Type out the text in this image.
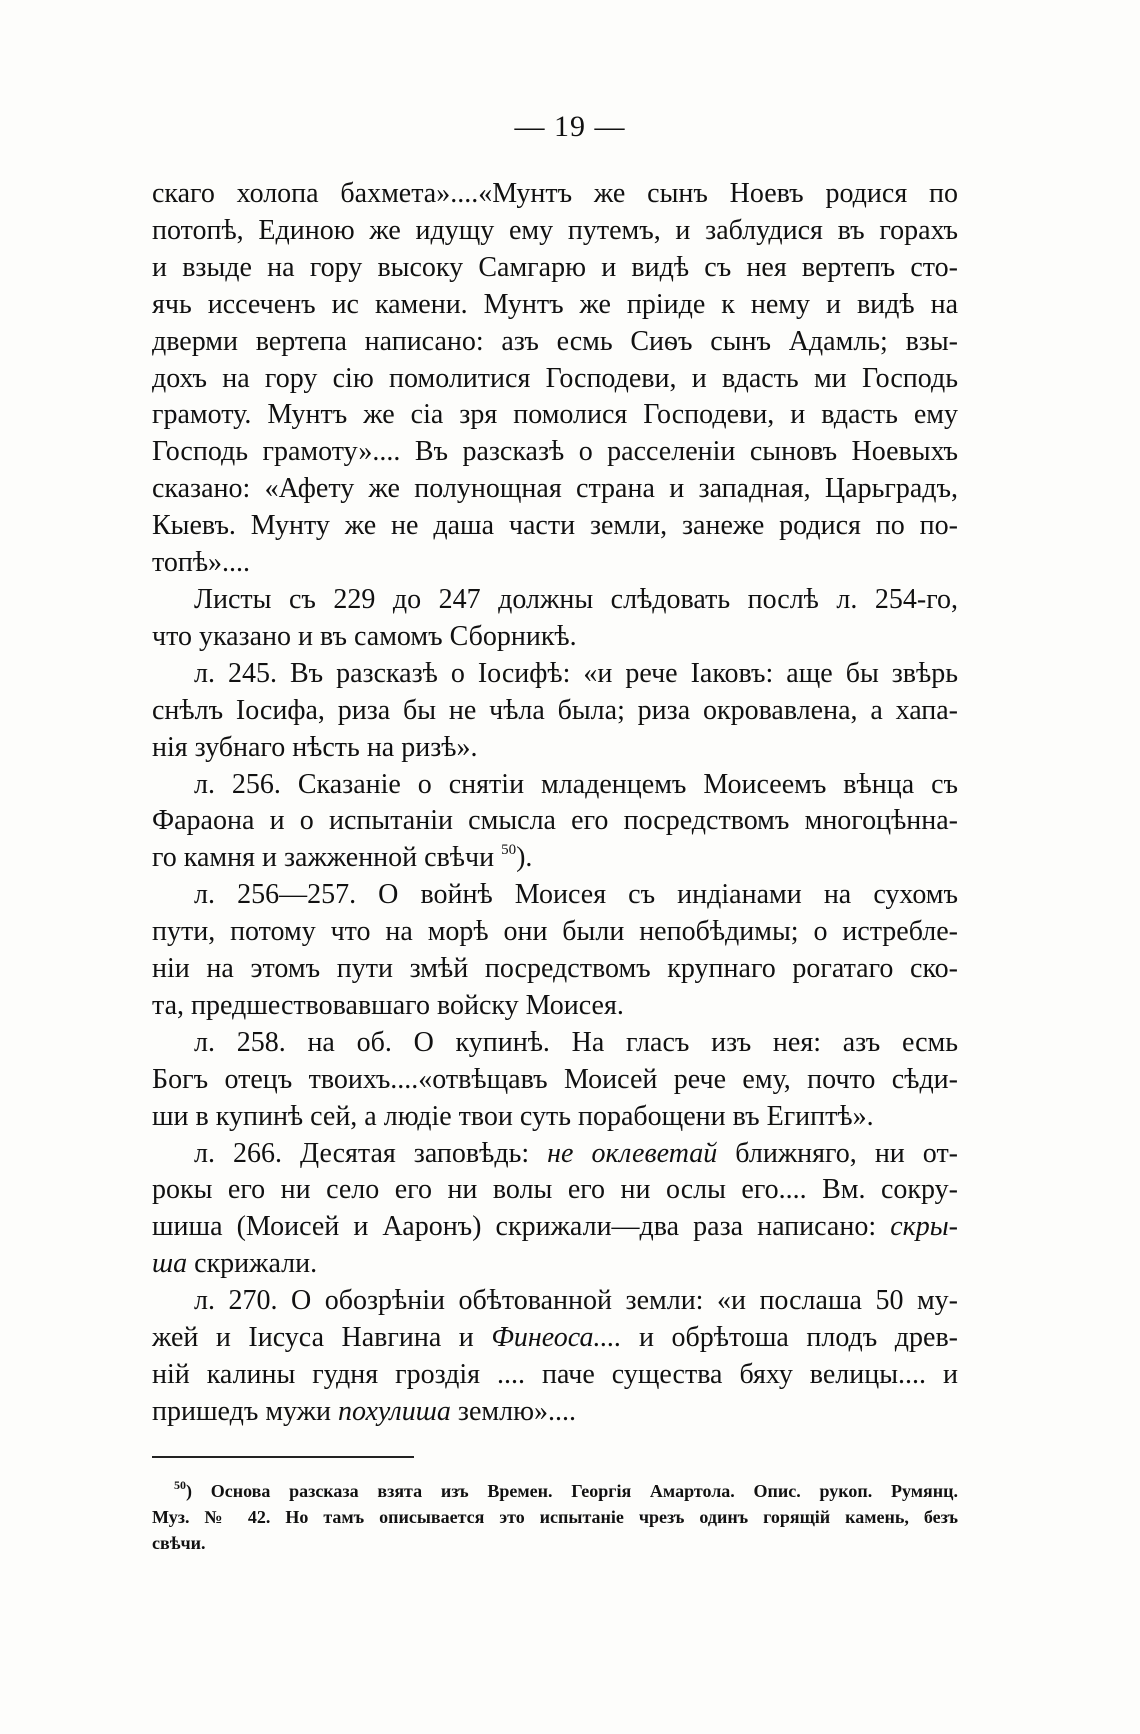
— 19 —
скаго холопа бахмета»....«Мунтъ же сынъ Ноевъ родися по
потопѣ, Единою же идущу ему путемъ, и заблудися въ горахъ
и взыде на гору высоку Самгарю и видѣ съ нея вертепъ сто-
ячь иссеченъ ис камени. Мунтъ же пріиде к нему и видѣ на
дверми вертепа написано: азъ есмь Сиѳъ сынъ Адамль; взы-
дохъ на гору сію помолитися Господеви, и вдасть ми Господь
грамоту. Мунтъ же сіа зря помолися Господеви, и вдасть ему
Господь грамоту».... Въ разсказѣ о расселеніи сыновъ Ноевыхъ
сказано: «Афету же полунощная страна и западная, Царьградъ,
Кыевъ. Мунту же не даша части земли, занеже родися по по-
топѣ»....
Листы съ 229 до 247 должны слѣдовать послѣ л. 254-го,
что указано и въ самомъ Сборникѣ.
л. 245. Въ разсказѣ о Іосифѣ: «и рече Іаковъ: аще бы звѣрь
снѣлъ Іосифа, риза бы не чѣла была; риза окровавлена, а хапа-
нія зубнаго нѣсть на ризѣ».
л. 256. Сказаніе о снятіи младенцемъ Моисеемъ вѣнца съ
Фараона и о испытаніи смысла его посредствомъ многоцѣнна-
го камня и зажженной свѣчи $^{50}$).
л. 256—257. О войнѣ Моисея съ индіанами на сухомъ
пути, потому что на морѣ они были непобѣдимы; о истребле-
ніи на этомъ пути змѣй посредствомъ крупнаго рогатаго ско-
та, предшествовавшаго войску Моисея.
л. 258. на об. О купинѣ. На гласъ изъ нея: азъ есмь
Богъ отецъ твоихъ....«отвѣщавъ Моисей рече ему, почто сѣди-
ши в купинѣ сей, а людіе твои суть порабощени въ Египтѣ».
л. 266. Десятая заповѣдь: не оклеветай ближняго, ни от-
рокы его ни село его ни волы его ни ослы его.... Вм. сокру-
шиша (Моисей и Ааронъ) скрижали—два раза написано: скры-
ша скрижали.
л. 270. О обозрѣніи обѣтованной земли: «и послаша 50 му-
жей и Іисуса Навгина и Финеоса.... и обрѣтоша плодъ древ-
ній калины гудня гроздія .... паче существа бяху велицы.... и
пришедъ мужи похулиша землю»....
$^{50}$) Основа разсказа взята изъ Времен. Георгія Амартола. Опис. рукоп. Румянц.
Муз. № 42. Но тамъ описывается это испытаніе чрезъ одинъ горящій камень, безъ
свѣчи.
